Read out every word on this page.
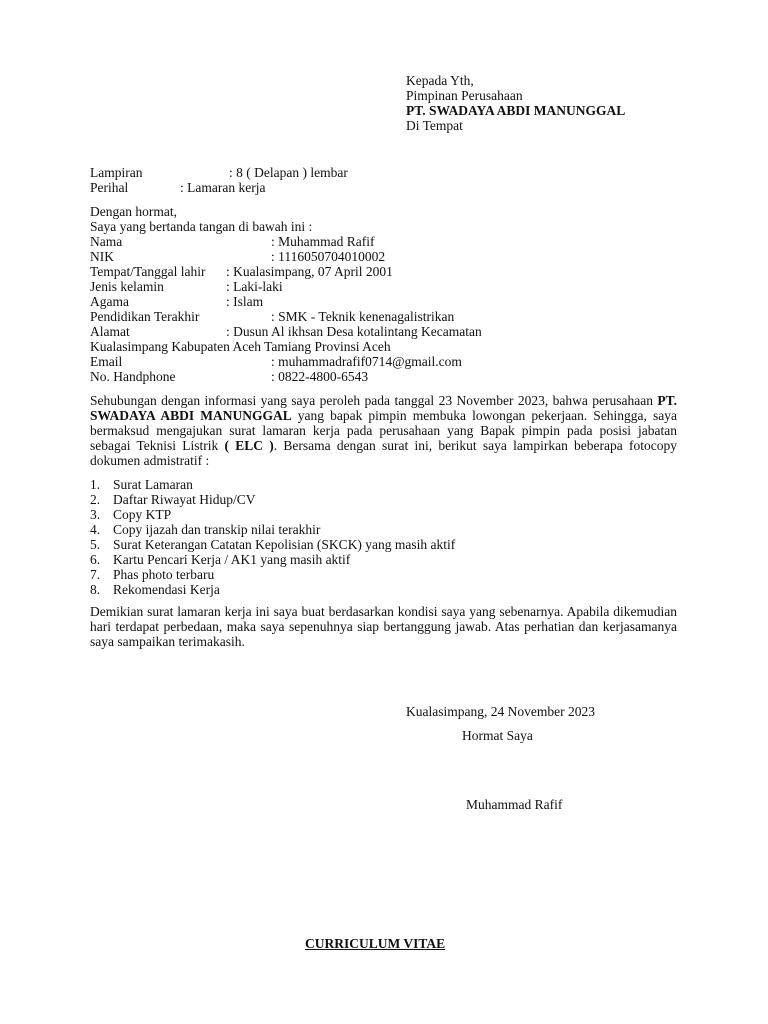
Kepada Yth,
Pimpinan Perusahaan
PT. SWADAYA ABDI MANUNGGAL
Di Tempat
Lampiran	: 8 ( Delapan ) lembar
Perihal	: Lamaran kerja
Dengan hormat,
Saya yang bertanda tangan di bawah ini :
Nama	: Muhammad Rafif
NIK	: 1116050704010002
Tempat/Tanggal lahir : Kualasimpang, 07 April 2001
Jenis kelamin	: Laki-laki
Agama	: Islam
Pendidikan Terakhir	: SMK - Teknik kenenagalistrikan
Alamat	: Dusun Al ikhsan Desa kotalintang Kecamatan
Kualasimpang Kabupaten Aceh Tamiang Provinsi Aceh
Email	: muhammadrafif0714@gmail.com
No. Handphone	: 0822-4800-6543
Sehubungan dengan informasi yang saya peroleh pada tanggal 23 November 2023, bahwa perusahaan PT. SWADAYA ABDI MANUNGGAL yang bapak pimpin membuka lowongan pekerjaan. Sehingga, saya bermaksud mengajukan surat lamaran kerja pada perusahaan yang Bapak pimpin pada posisi jabatan sebagai Teknisi Listrik ( ELC ). Bersama dengan surat ini, berikut saya lampirkan beberapa fotocopy dokumen admistratif :
1. Surat Lamaran
2. Daftar Riwayat Hidup/CV
3. Copy KTP
4. Copy ijazah dan transkip nilai terakhir
5. Surat Keterangan Catatan Kepolisian (SKCK) yang masih aktif
6. Kartu Pencari Kerja / AK1 yang masih aktif
7. Phas photo terbaru
8. Rekomendasi Kerja
Demikian surat lamaran kerja ini saya buat berdasarkan kondisi saya yang sebenarnya. Apabila dikemudian hari terdapat perbedaan, maka saya sepenuhnya siap bertanggung jawab. Atas perhatian dan kerjasamanya saya sampaikan terimakasih.
Kualasimpang, 24 November 2023
Hormat Saya
Muhammad Rafif
CURRICULUM VITAE
